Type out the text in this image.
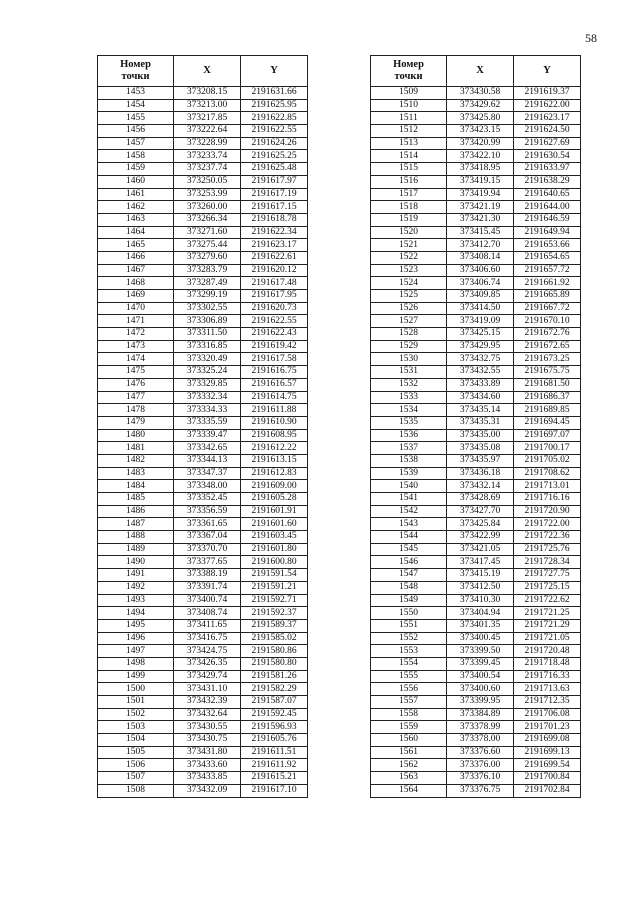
58
Номер
точки	X	Y
1453	373208.15	2191631.66
1454	373213.00	2191625.95
1455	373217.85	2191622.85
1456	373222.64	2191622.55
1457	373228.99	2191624.26
1458	373233.74	2191625.25
1459	373237.74	2191625.48
1460	373250.05	2191617.97
1461	373253.99	2191617.19
1462	373260.00	2191617.15
1463	373266.34	2191618.78
1464	373271.60	2191622.34
1465	373275.44	2191623.17
1466	373279.60	2191622.61
1467	373283.79	2191620.12
1468	373287.49	2191617.48
1469	373299.19	2191617.95
1470	373302.55	2191620.73
1471	373306.89	2191622.55
1472	373311.50	2191622.43
1473	373316.85	2191619.42
1474	373320.49	2191617.58
1475	373325.24	2191616.75
1476	373329.85	2191616.57
1477	373332.34	2191614.75
1478	373334.33	2191611.88
1479	373335.59	2191610.90
1480	373339.47	2191608.95
1481	373342.65	2191612.22
1482	373344.13	2191613.15
1483	373347.37	2191612.83
1484	373348.00	2191609.00
1485	373352.45	2191605.28
1486	373356.59	2191601.91
1487	373361.65	2191601.60
1488	373367.04	2191603.45
1489	373370.70	2191601.80
1490	373377.65	2191600.80
1491	373388.19	2191591.54
1492	373391.74	2191591.21
1493	373400.74	2191592.71
1494	373408.74	2191592.37
1495	373411.65	2191589.37
1496	373416.75	2191585.02
1497	373424.75	2191580.86
1498	373426.35	2191580.80
1499	373429.74	2191581.26
1500	373431.10	2191582.29
1501	373432.39	2191587.07
1502	373432.64	2191592.45
1503	373430.55	2191596.93
1504	373430.75	2191605.76
1505	373431.80	2191611.51
1506	373433.60	2191611.92
1507	373433.85	2191615.21
1508	373432.09	2191617.10
Номер
точки	X	Y
1509	373430.58	2191619.37
1510	373429.62	2191622.00
1511	373425.80	2191623.17
1512	373423.15	2191624.50
1513	373420.99	2191627.69
1514	373422.10	2191630.54
1515	373418.95	2191633.97
1516	373419.15	2191638.29
1517	373419.94	2191640.65
1518	373421.19	2191644.00
1519	373421.30	2191646.59
1520	373415.45	2191649.94
1521	373412.70	2191653.66
1522	373408.14	2191654.65
1523	373406.60	2191657.72
1524	373406.74	2191661.92
1525	373409.85	2191665.89
1526	373414.50	2191667.72
1527	373419.09	2191670.10
1528	373425.15	2191672.76
1529	373429.95	2191672.65
1530	373432.75	2191673.25
1531	373432.55	2191675.75
1532	373433.89	2191681.50
1533	373434.60	2191686.37
1534	373435.14	2191689.85
1535	373435.31	2191694.45
1536	373435.00	2191697.07
1537	373435.08	2191700.17
1538	373435.97	2191705.02
1539	373436.18	2191708.62
1540	373432.14	2191713.01
1541	373428.69	2191716.16
1542	373427.70	2191720.90
1543	373425.84	2191722.00
1544	373422.99	2191722.36
1545	373421.05	2191725.76
1546	373417.45	2191728.34
1547	373415.19	2191727.75
1548	373412.50	2191725.15
1549	373410.30	2191722.62
1550	373404.94	2191721.25
1551	373401.35	2191721.29
1552	373400.45	2191721.05
1553	373399.50	2191720.48
1554	373399.45	2191718.48
1555	373400.54	2191716.33
1556	373400.60	2191713.63
1557	373399.95	2191712.35
1558	373384.89	2191706.08
1559	373378.99	2191701.23
1560	373378.00	2191699.08
1561	373376.60	2191699.13
1562	373376.00	2191699.54
1563	373376.10	2191700.84
1564	373376.75	2191702.84
